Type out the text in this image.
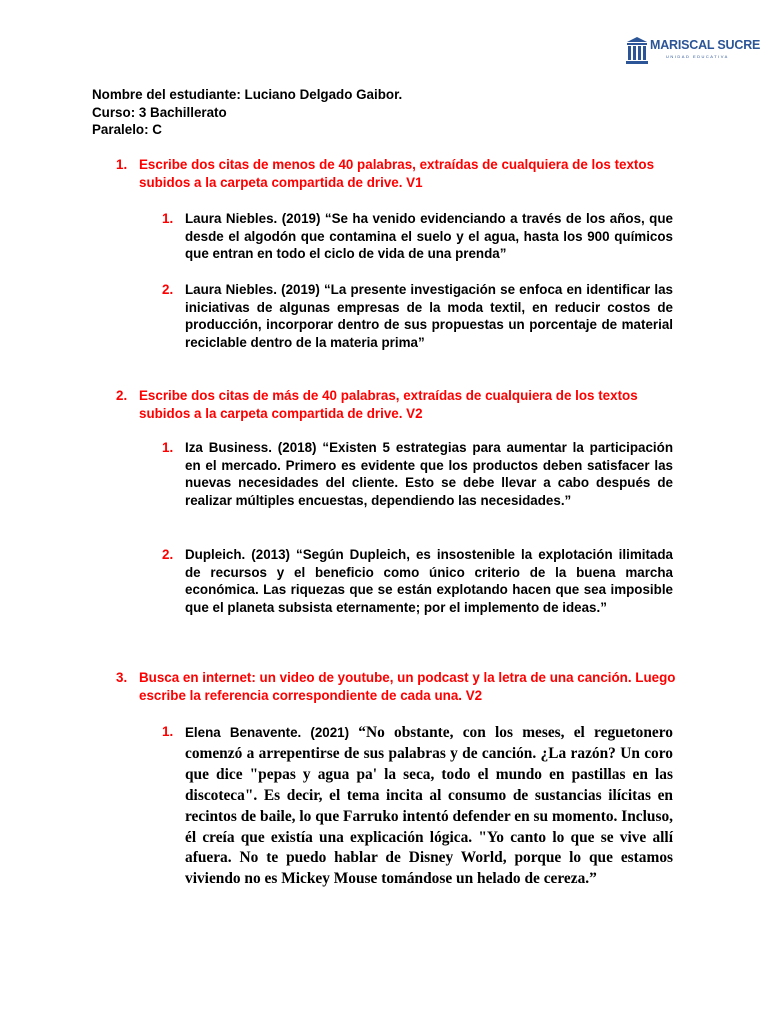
MARISCAL SUCRE
UNIDAD EDUCATIVA
Nombre del estudiante: Luciano Delgado Gaibor.
Curso: 3 Bachillerato
Paralelo: C
1. Escribe dos citas de menos de 40 palabras, extraídas de cualquiera de los textos subidos a la carpeta compartida de drive. V1
1. Laura Niebles. (2019) “Se ha venido evidenciando a través de los años, que desde el algodón que contamina el suelo y el agua, hasta los 900 químicos que entran en todo el ciclo de vida de una prenda”
2. Laura Niebles. (2019) “La presente investigación se enfoca en identificar las iniciativas de algunas empresas de la moda textil, en reducir costos de producción, incorporar dentro de sus propuestas un porcentaje de material reciclable dentro de la materia prima”
2. Escribe dos citas de más de 40 palabras, extraídas de cualquiera de los textos subidos a la carpeta compartida de drive. V2
1. Iza Business. (2018) “Existen 5 estrategias para aumentar la participación en el mercado. Primero es evidente que los productos deben satisfacer las nuevas necesidades del cliente. Esto se debe llevar a cabo después de realizar múltiples encuestas, dependiendo las necesidades.”
2. Dupleich. (2013) “Según Dupleich, es insostenible la explotación ilimitada de recursos y el beneficio como único criterio de la buena marcha económica. Las riquezas que se están explotando hacen que sea imposible que el planeta subsista eternamente; por el implemento de ideas.”
3. Busca en internet: un video de youtube, un podcast y la letra de una canción. Luego escribe la referencia correspondiente de cada una. V2
1. Elena Benavente. (2021) “No obstante, con los meses, el reguetonero comenzó a arrepentirse de sus palabras y de canción. ¿La razón? Un coro que dice "pepas y agua pa' la seca, todo el mundo en pastillas en las discoteca". Es decir, el tema incita al consumo de sustancias ilícitas en recintos de baile, lo que Farruko intentó defender en su momento. Incluso, él creía que existía una explicación lógica. "Yo canto lo que se vive allí afuera. No te puedo hablar de Disney World, porque lo que estamos viviendo no es Mickey Mouse tomándose un helado de cereza.”
